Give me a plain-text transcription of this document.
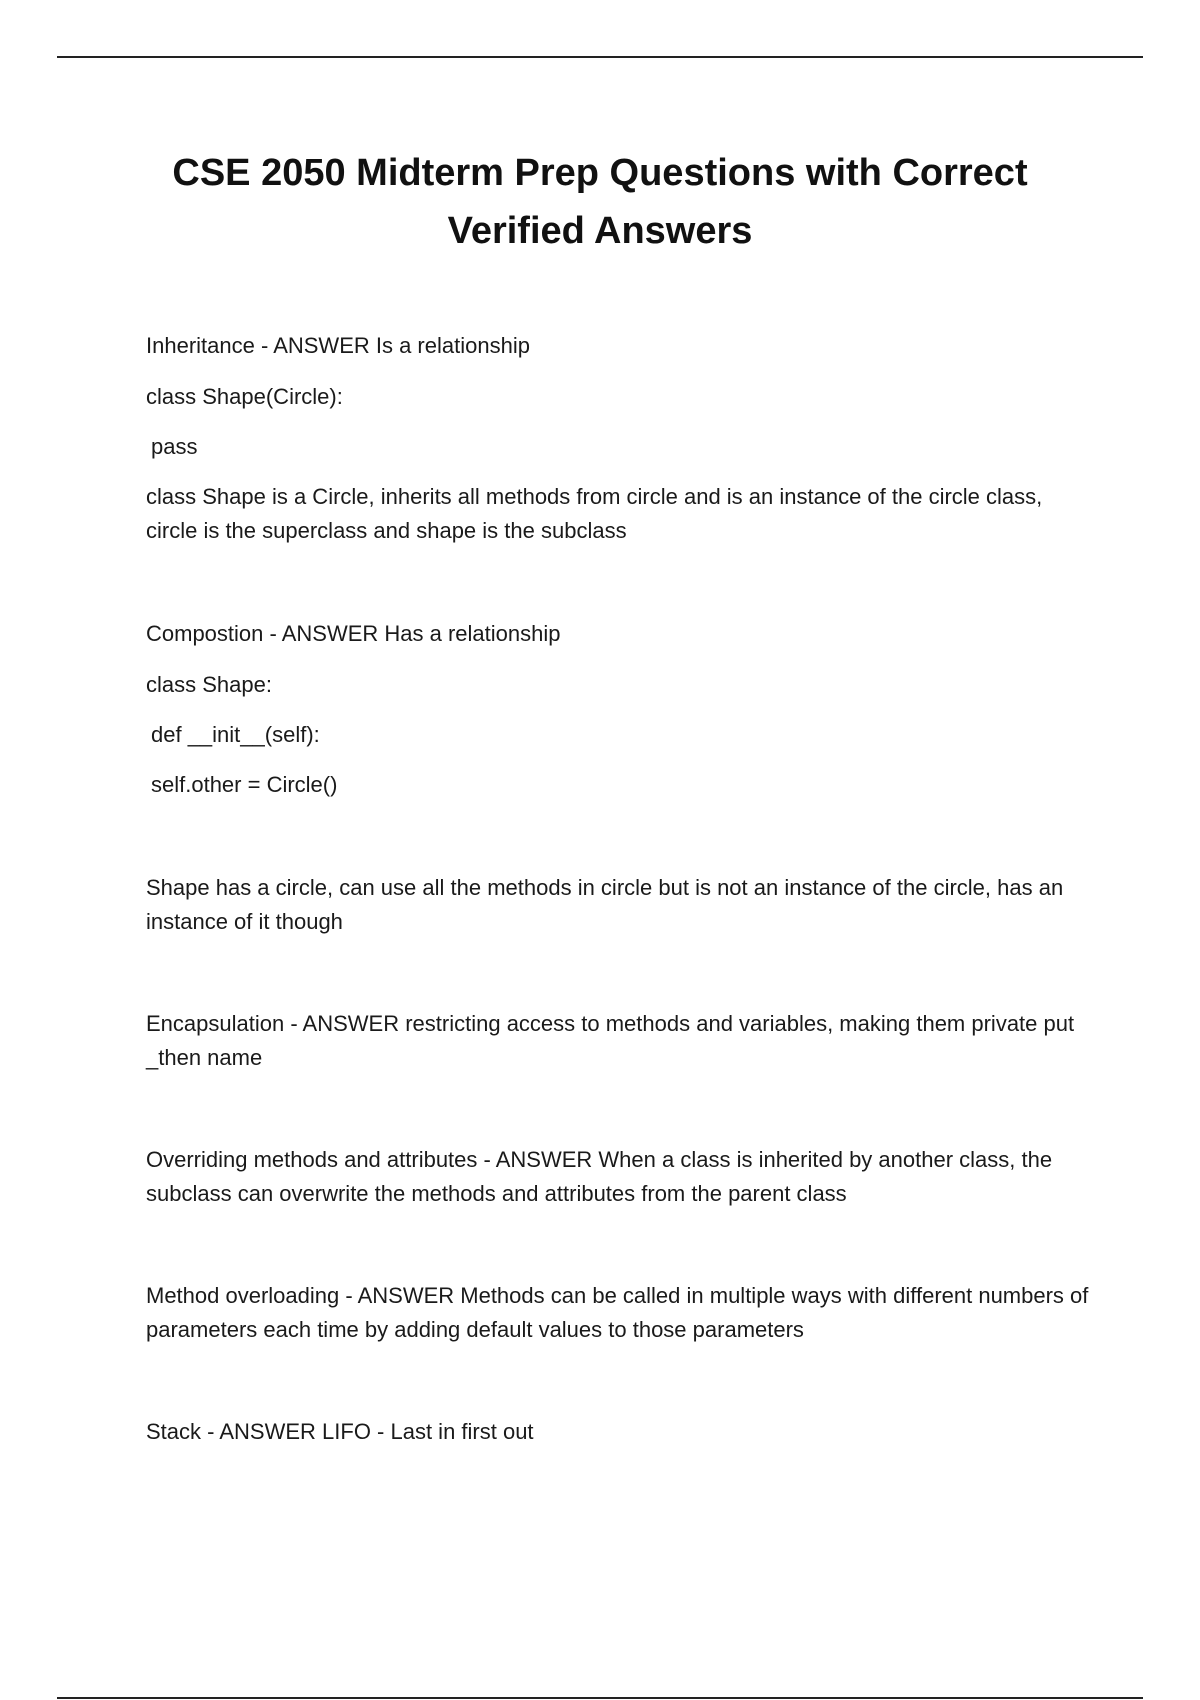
CSE 2050 Midterm Prep Questions with Correct Verified Answers

Inheritance - ANSWER Is a relationship

class Shape(Circle):

pass

class Shape is a Circle, inherits all methods from circle and is an instance of the circle class, circle is the superclass and shape is the subclass

Compostion - ANSWER Has a relationship

class Shape:

def __init__(self):

self.other = Circle()

Shape has a circle, can use all the methods in circle but is not an instance of the circle, has an instance of it though

Encapsulation - ANSWER restricting access to methods and variables, making them private put _then name

Overriding methods and attributes - ANSWER When a class is inherited by another class, the subclass can overwrite the methods and attributes from the parent class

Method overloading - ANSWER Methods can be called in multiple ways with different numbers of parameters each time by adding default values to those parameters

Stack - ANSWER LIFO - Last in first out
